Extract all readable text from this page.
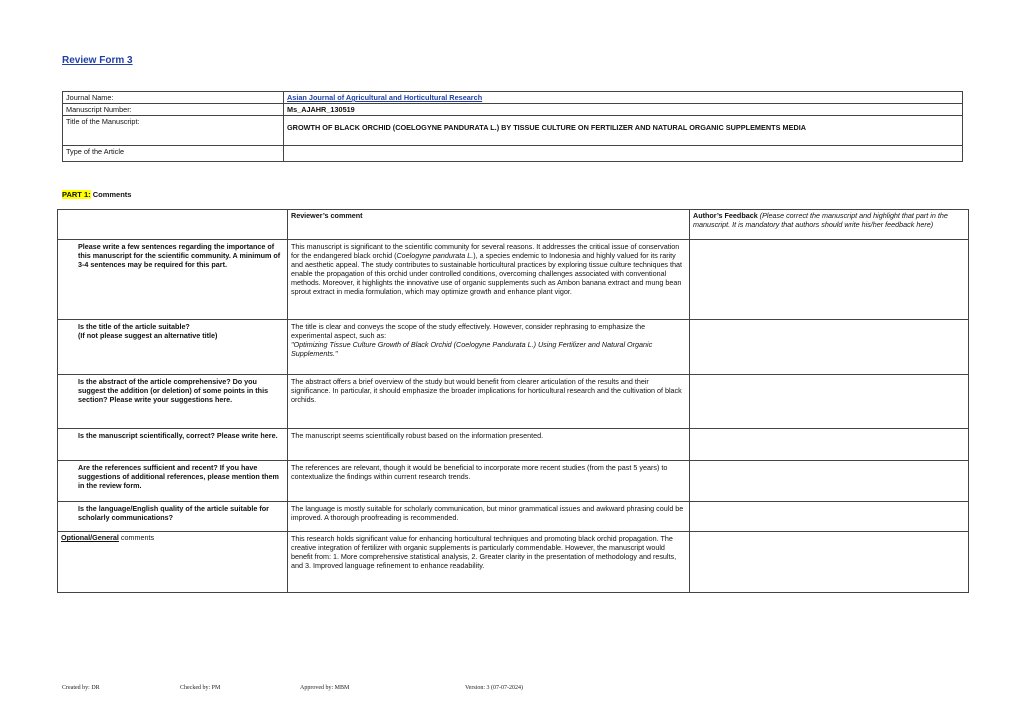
Review Form 3
Journal Name:	Asian Journal of Agricultural and Horticultural Research
Manuscript Number:	Ms_AJAHR_130519
Title of the Manuscript:	GROWTH OF BLACK ORCHID (COELOGYNE PANDURATA L.) BY TISSUE CULTURE ON FERTILIZER AND NATURAL ORGANIC SUPPLEMENTS MEDIA

Type of the Article	
PART 1: Comments
	Reviewer’s comment	Author’s Feedback (Please correct the manuscript and highlight that part in the manuscript. It is mandatory that authors should write his/her feedback here)
Please write a few sentences regarding the importance of this manuscript for the scientific community. A minimum of 3-4 sentences may be required for this part.	This manuscript is significant to the scientific community for several reasons. It addresses the critical issue of conservation for the endangered black orchid (Coelogyne pandurata L.), a species endemic to Indonesia and highly valued for its rarity and aesthetic appeal. The study contributes to sustainable horticultural practices by exploring tissue culture techniques that enable the propagation of this orchid under controlled conditions, overcoming challenges associated with conventional methods. Moreover, it highlights the innovative use of organic supplements such as Ambon banana extract and mung bean sprout extract in media formulation, which may optimize growth and enhance plant vigor.	
Is the title of the article suitable?
(If not please suggest an alternative title)	The title is clear and conveys the scope of the study effectively. However, consider rephrasing to emphasize the experimental aspect, such as:
"Optimizing Tissue Culture Growth of Black Orchid (Coelogyne Pandurata L.) Using Fertilizer and Natural Organic Supplements."	
Is the abstract of the article comprehensive? Do you suggest the addition (or deletion) of some points in this section? Please write your suggestions here.	The abstract offers a brief overview of the study but would benefit from clearer articulation of the results and their significance. In particular, it should emphasize the broader implications for horticultural research and the cultivation of black orchids.	
Is the manuscript scientifically, correct? Please write here.	The manuscript seems scientifically robust based on the information presented.	
Are the references sufficient and recent? If you have suggestions of additional references, please mention them in the review form.	The references are relevant, though it would be beneficial to incorporate more recent studies (from the past 5 years) to contextualize the findings within current research trends.	
Is the language/English quality of the article suitable for scholarly communications?	The language is mostly suitable for scholarly communication, but minor grammatical issues and awkward phrasing could be improved. A thorough proofreading is recommended.	
Optional/General comments	This research holds significant value for enhancing horticultural techniques and promoting black orchid propagation. The creative integration of fertilizer with organic supplements is particularly commendable. However, the manuscript would benefit from: 1. More comprehensive statistical analysis, 2. Greater clarity in the presentation of methodology and results, and 3. Improved language refinement to enhance readability.	
Created by: DR	Checked by: PM	Approved by: MBM	Version: 3 (07-07-2024)
